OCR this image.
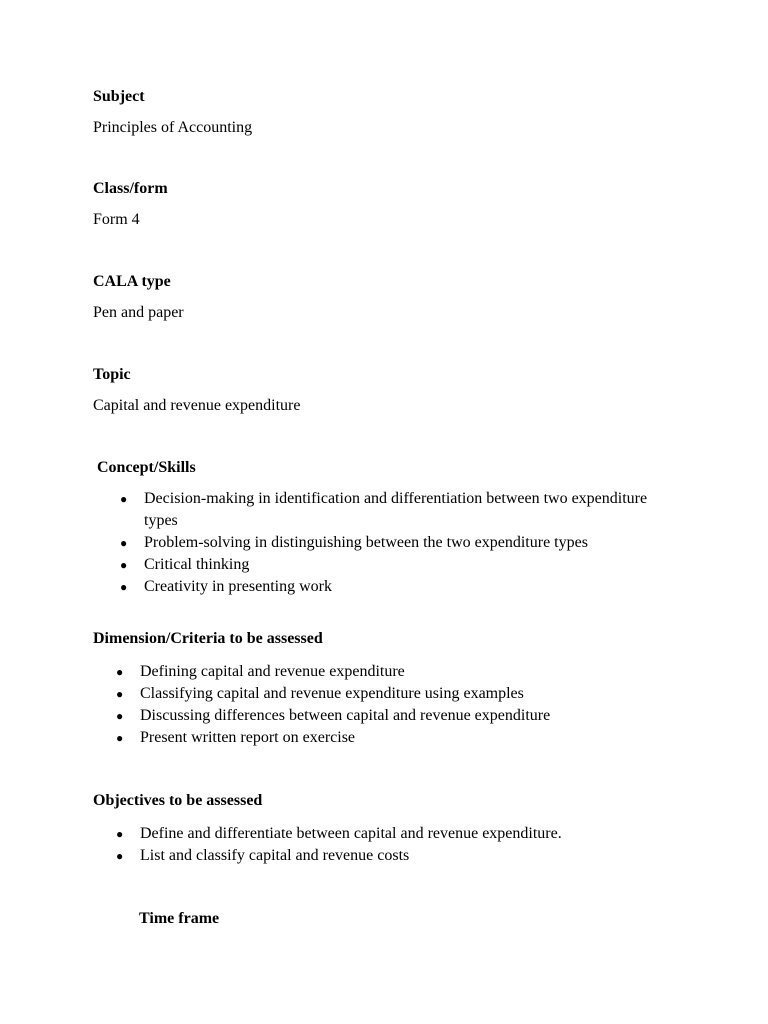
Subject
Principles of Accounting
Class/form
Form 4
CALA type
Pen and paper
Topic
Capital and revenue expenditure
Concept/Skills
● Decision-making in identification and differentiation between two expenditure types
● Problem-solving in distinguishing between the two expenditure types
● Critical thinking
● Creativity in presenting work
Dimension/Criteria to be assessed
● Defining capital and revenue expenditure
● Classifying capital and revenue expenditure using examples
● Discussing differences between capital and revenue expenditure
● Present written report on exercise
Objectives to be assessed
● Define and differentiate between capital and revenue expenditure.
● List and classify capital and revenue costs
Time frame
